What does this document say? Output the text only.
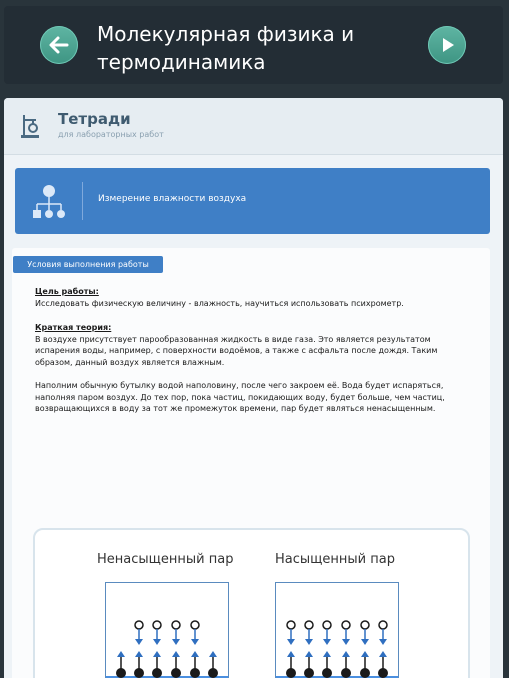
Молекулярная физика и термодинамика
Тетради
для лабораторных работ
Измерение влажности воздуха
Условия выполнения работы
Цель работы:
Исследовать физическую величину - влажность, научиться использовать психрометр.
Краткая теория:
В воздухе присутствует парообразованная жидкость в виде газа. Это является результатом испарения воды, например, с поверхности водоёмов, а также с асфальта после дождя. Таким образом, данный воздух является влажным.
Наполним обычную бутылку водой наполовину, после чего закроем её. Вода будет испаряться, наполняя паром воздух. До тех пор, пока частиц, покидающих воду, будет больше, чем частиц, возвращающихся в воду за тот же промежуток времени, пар будет являться ненасыщенным.
Ненасыщенный пар	Насыщенный пар
